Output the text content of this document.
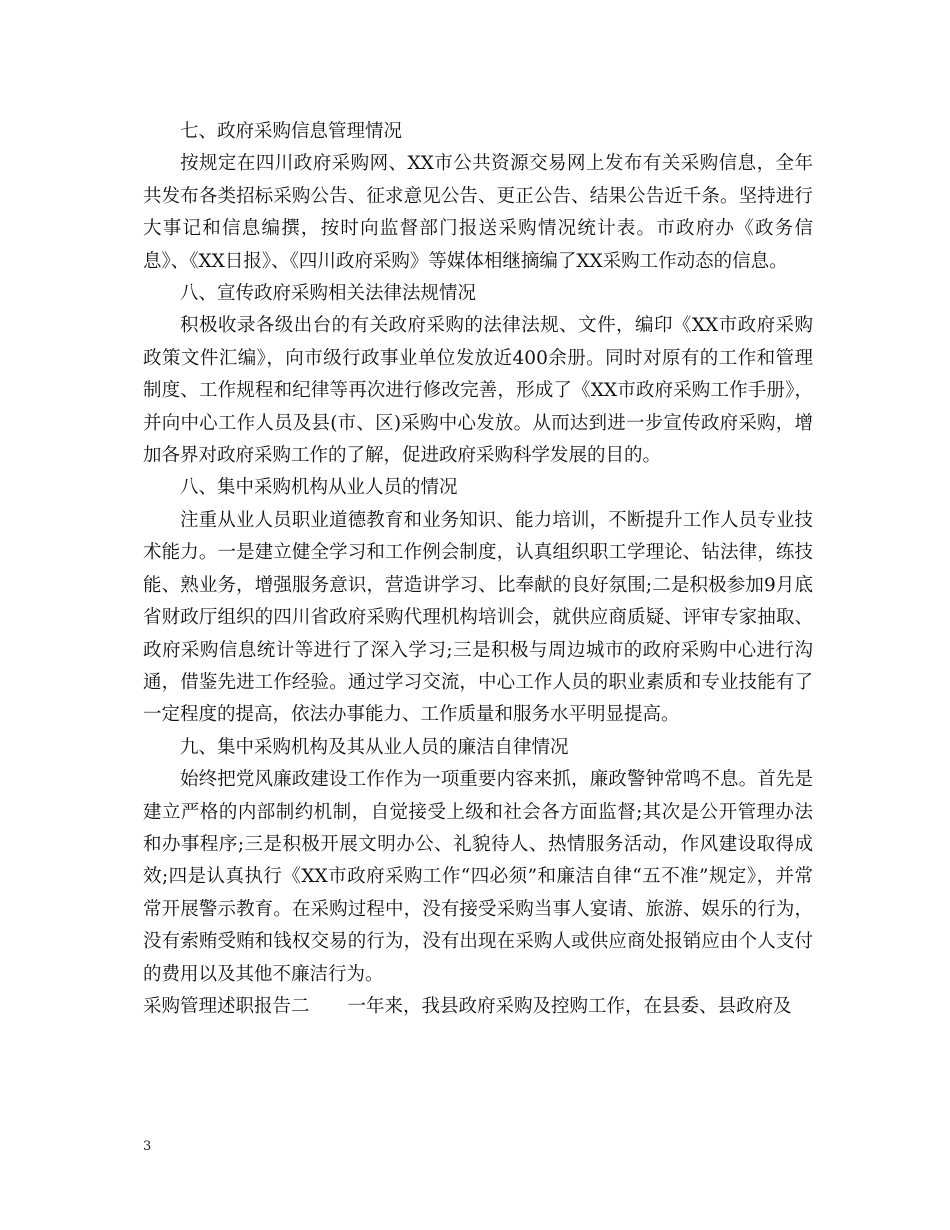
七、政府采购信息管理情况

按规定在四川政府采购网、XX市公共资源交易网上发布有关采购信息，全年共发布各类招标采购公告、征求意见公告、更正公告、结果公告近千条。坚持进行大事记和信息编撰，按时向监督部门报送采购情况统计表。市政府办《政务信息》、《XX日报》、《四川政府采购》等媒体相继摘编了XX采购工作动态的信息。

八、宣传政府采购相关法律法规情况

积极收录各级出台的有关政府采购的法律法规、文件，编印《XX市政府采购政策文件汇编》，向市级行政事业单位发放近400余册。同时对原有的工作和管理制度、工作规程和纪律等再次进行修改完善，形成了《XX市政府采购工作手册》，并向中心工作人员及县(市、区)采购中心发放。从而达到进一步宣传政府采购，增加各界对政府采购工作的了解，促进政府采购科学发展的目的。

八、集中采购机构从业人员的情况

注重从业人员职业道德教育和业务知识、能力培训，不断提升工作人员专业技术能力。一是建立健全学习和工作例会制度，认真组织职工学理论、钻法律，练技能、熟业务，增强服务意识，营造讲学习、比奉献的良好氛围;二是积极参加9月底省财政厅组织的四川省政府采购代理机构培训会，就供应商质疑、评审专家抽取、政府采购信息统计等进行了深入学习;三是积极与周边城市的政府采购中心进行沟通，借鉴先进工作经验。通过学习交流，中心工作人员的职业素质和专业技能有了一定程度的提高，依法办事能力、工作质量和服务水平明显提高。

九、集中采购机构及其从业人员的廉洁自律情况

始终把党风廉政建设工作作为一项重要内容来抓，廉政警钟常鸣不息。首先是建立严格的内部制约机制，自觉接受上级和社会各方面监督;其次是公开管理办法和办事程序;三是积极开展文明办公、礼貌待人、热情服务活动，作风建设取得成效;四是认真执行《XX市政府采购工作“四必须”和廉洁自律“五不准”规定》，并常常开展警示教育。在采购过程中，没有接受采购当事人宴请、旅游、娱乐的行为，没有索贿受贿和钱权交易的行为，没有出现在采购人或供应商处报销应由个人支付的费用以及其他不廉洁行为。

采购管理述职报告二 一年来，我县政府采购及控购工作，在县委、县政府及

3
